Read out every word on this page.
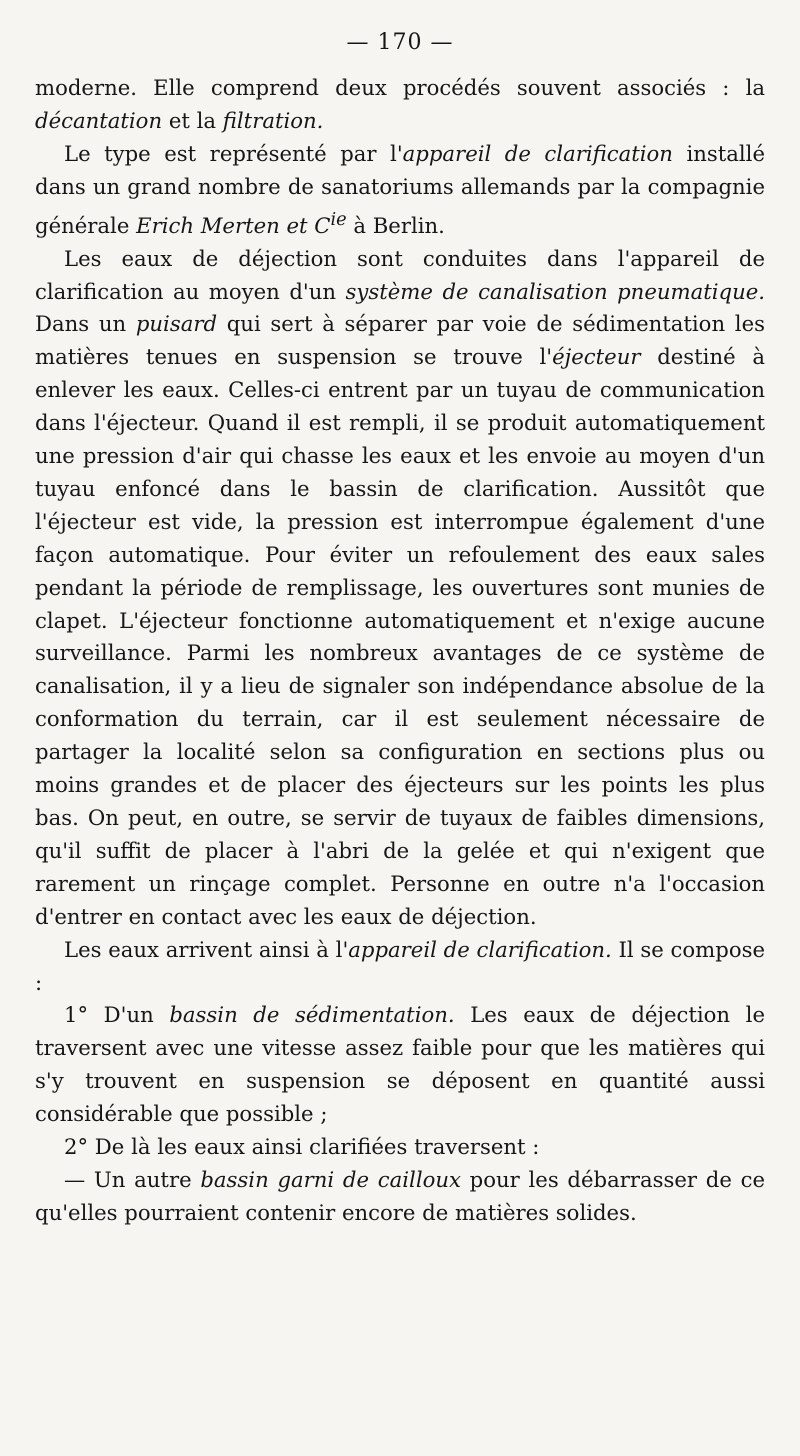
— 170 —

moderne. Elle comprend deux procédés souvent associés : la décantation et la filtration.

Le type est représenté par l'appareil de clarification installé dans un grand nombre de sanatoriums allemands par la compagnie générale Erich Merten et $C^{ie}$ à Berlin.

Les eaux de déjection sont conduites dans l'appareil de clarification au moyen d'un système de canalisation pneumatique. Dans un puisard qui sert à séparer par voie de sédimentation les matières tenues en suspension se trouve l'éjecteur destiné à enlever les eaux. Celles-ci entrent par un tuyau de communication dans l'éjecteur. Quand il est rempli, il se produit automatiquement une pression d'air qui chasse les eaux et les envoie au moyen d'un tuyau enfoncé dans le bassin de clarification. Aussitôt que l'éjecteur est vide, la pression est interrompue également d'une façon automatique. Pour éviter un refoulement des eaux sales pendant la période de remplissage, les ouvertures sont munies de clapet. L'éjecteur fonctionne automatiquement et n'exige aucune surveillance. Parmi les nombreux avantages de ce système de canalisation, il y a lieu de signaler son indépendance absolue de la conformation du terrain, car il est seulement nécessaire de partager la localité selon sa configuration en sections plus ou moins grandes et de placer des éjecteurs sur les points les plus bas. On peut, en outre, se servir de tuyaux de faibles dimensions, qu'il suffit de placer à l'abri de la gelée et qui n'exigent que rarement un rinçage complet. Personne en outre n'a l'occasion d'entrer en contact avec les eaux de déjection.

Les eaux arrivent ainsi à l'appareil de clarification. Il se compose :

1° D'un bassin de sédimentation. Les eaux de déjection le traversent avec une vitesse assez faible pour que les matières qui s'y trouvent en suspension se déposent en quantité aussi considérable que possible ;

2° De là les eaux ainsi clarifiées traversent :

— Un autre bassin garni de cailloux pour les débarrasser de ce qu'elles pourraient contenir encore de matières solides.
